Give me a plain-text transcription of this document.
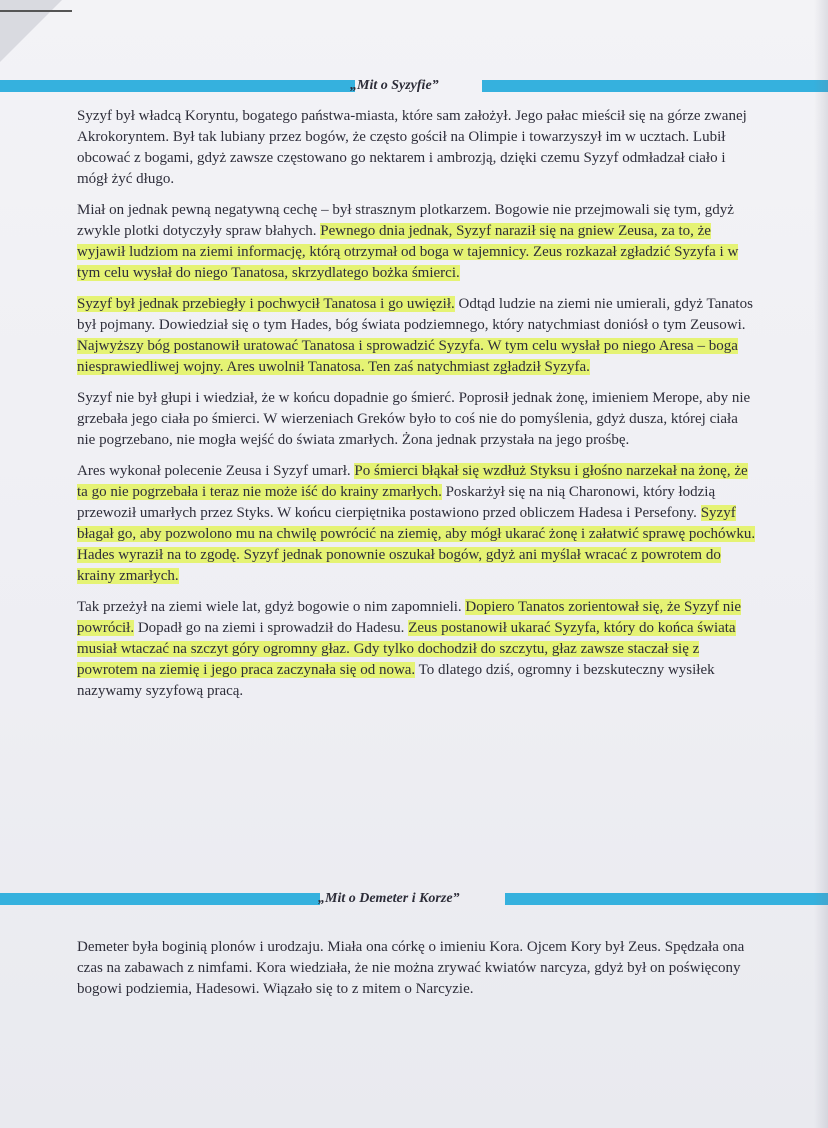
„Mit o Syzyfie”

Syzyf był władcą Koryntu, bogatego państwa-miasta, które sam założył. Jego pałac mieścił się na górze zwanej Akrokoryntem. Był tak lubiany przez bogów, że często gościł na Olimpie i towarzyszył im w ucztach. Lubił obcować z bogami, gdyż zawsze częstowano go nektarem i ambrozją, dzięki czemu Syzyf odmładzał ciało i mógł żyć długo.

Miał on jednak pewną negatywną cechę – był strasznym plotkarzem. Bogowie nie przejmowali się tym, gdyż zwykle plotki dotyczyły spraw błahych. Pewnego dnia jednak, Syzyf naraził się na gniew Zeusa, za to, że wyjawił ludziom na ziemi informację, którą otrzymał od boga w tajemnicy. Zeus rozkazał zgładzić Syzyfa i w tym celu wysłał do niego Tanatosa, skrzydlatego bożka śmierci.

Syzyf był jednak przebiegły i pochwycił Tanatosa i go uwięził. Odtąd ludzie na ziemi nie umierali, gdyż Tanatos był pojmany. Dowiedział się o tym Hades, bóg świata podziemnego, który natychmiast doniósł o tym Zeusowi. Najwyższy bóg postanowił uratować Tanatosa i sprowadzić Syzyfa. W tym celu wysłał po niego Aresa – boga niesprawiedliwej wojny. Ares uwolnił Tanatosa. Ten zaś natychmiast zgładził Syzyfa.

Syzyf nie był głupi i wiedział, że w końcu dopadnie go śmierć. Poprosił jednak żonę, imieniem Merope, aby nie grzebała jego ciała po śmierci. W wierzeniach Greków było to coś nie do pomyślenia, gdyż dusza, której ciała nie pogrzebano, nie mogła wejść do świata zmarłych. Żona jednak przystała na jego prośbę.

Ares wykonał polecenie Zeusa i Syzyf umarł. Po śmierci błąkał się wzdłuż Styksu i głośno narzekał na żonę, że ta go nie pogrzebała i teraz nie może iść do krainy zmarłych. Poskarżył się na nią Charonowi, który łodzią przewoził umarłych przez Styks. W końcu cierpiętnika postawiono przed obliczem Hadesa i Persefony. Syzyf błagał go, aby pozwolono mu na chwilę powrócić na ziemię, aby mógł ukarać żonę i załatwić sprawę pochówku. Hades wyraził na to zgodę. Syzyf jednak ponownie oszukał bogów, gdyż ani myślał wracać z powrotem do krainy zmarłych.

Tak przeżył na ziemi wiele lat, gdyż bogowie o nim zapomnieli. Dopiero Tanatos zorientował się, że Syzyf nie powrócił. Dopadł go na ziemi i sprowadził do Hadesu. Zeus postanowił ukarać Syzyfa, który do końca świata musiał wtaczać na szczyt góry ogromny głaz. Gdy tylko dochodził do szczytu, głaz zawsze staczał się z powrotem na ziemię i jego praca zaczynała się od nowa. To dlatego dziś, ogromny i bezskuteczny wysiłek nazywamy syzyfową pracą.

„Mit o Demeter i Korze”

Demeter była boginią plonów i urodzaju. Miała ona córkę o imieniu Kora. Ojcem Kory był Zeus. Spędzała ona czas na zabawach z nimfami. Kora wiedziała, że nie można zrywać kwiatów narcyza, gdyż był on poświęcony bogowi podziemia, Hadesowi. Wiązało się to z mitem o Narcyzie.
